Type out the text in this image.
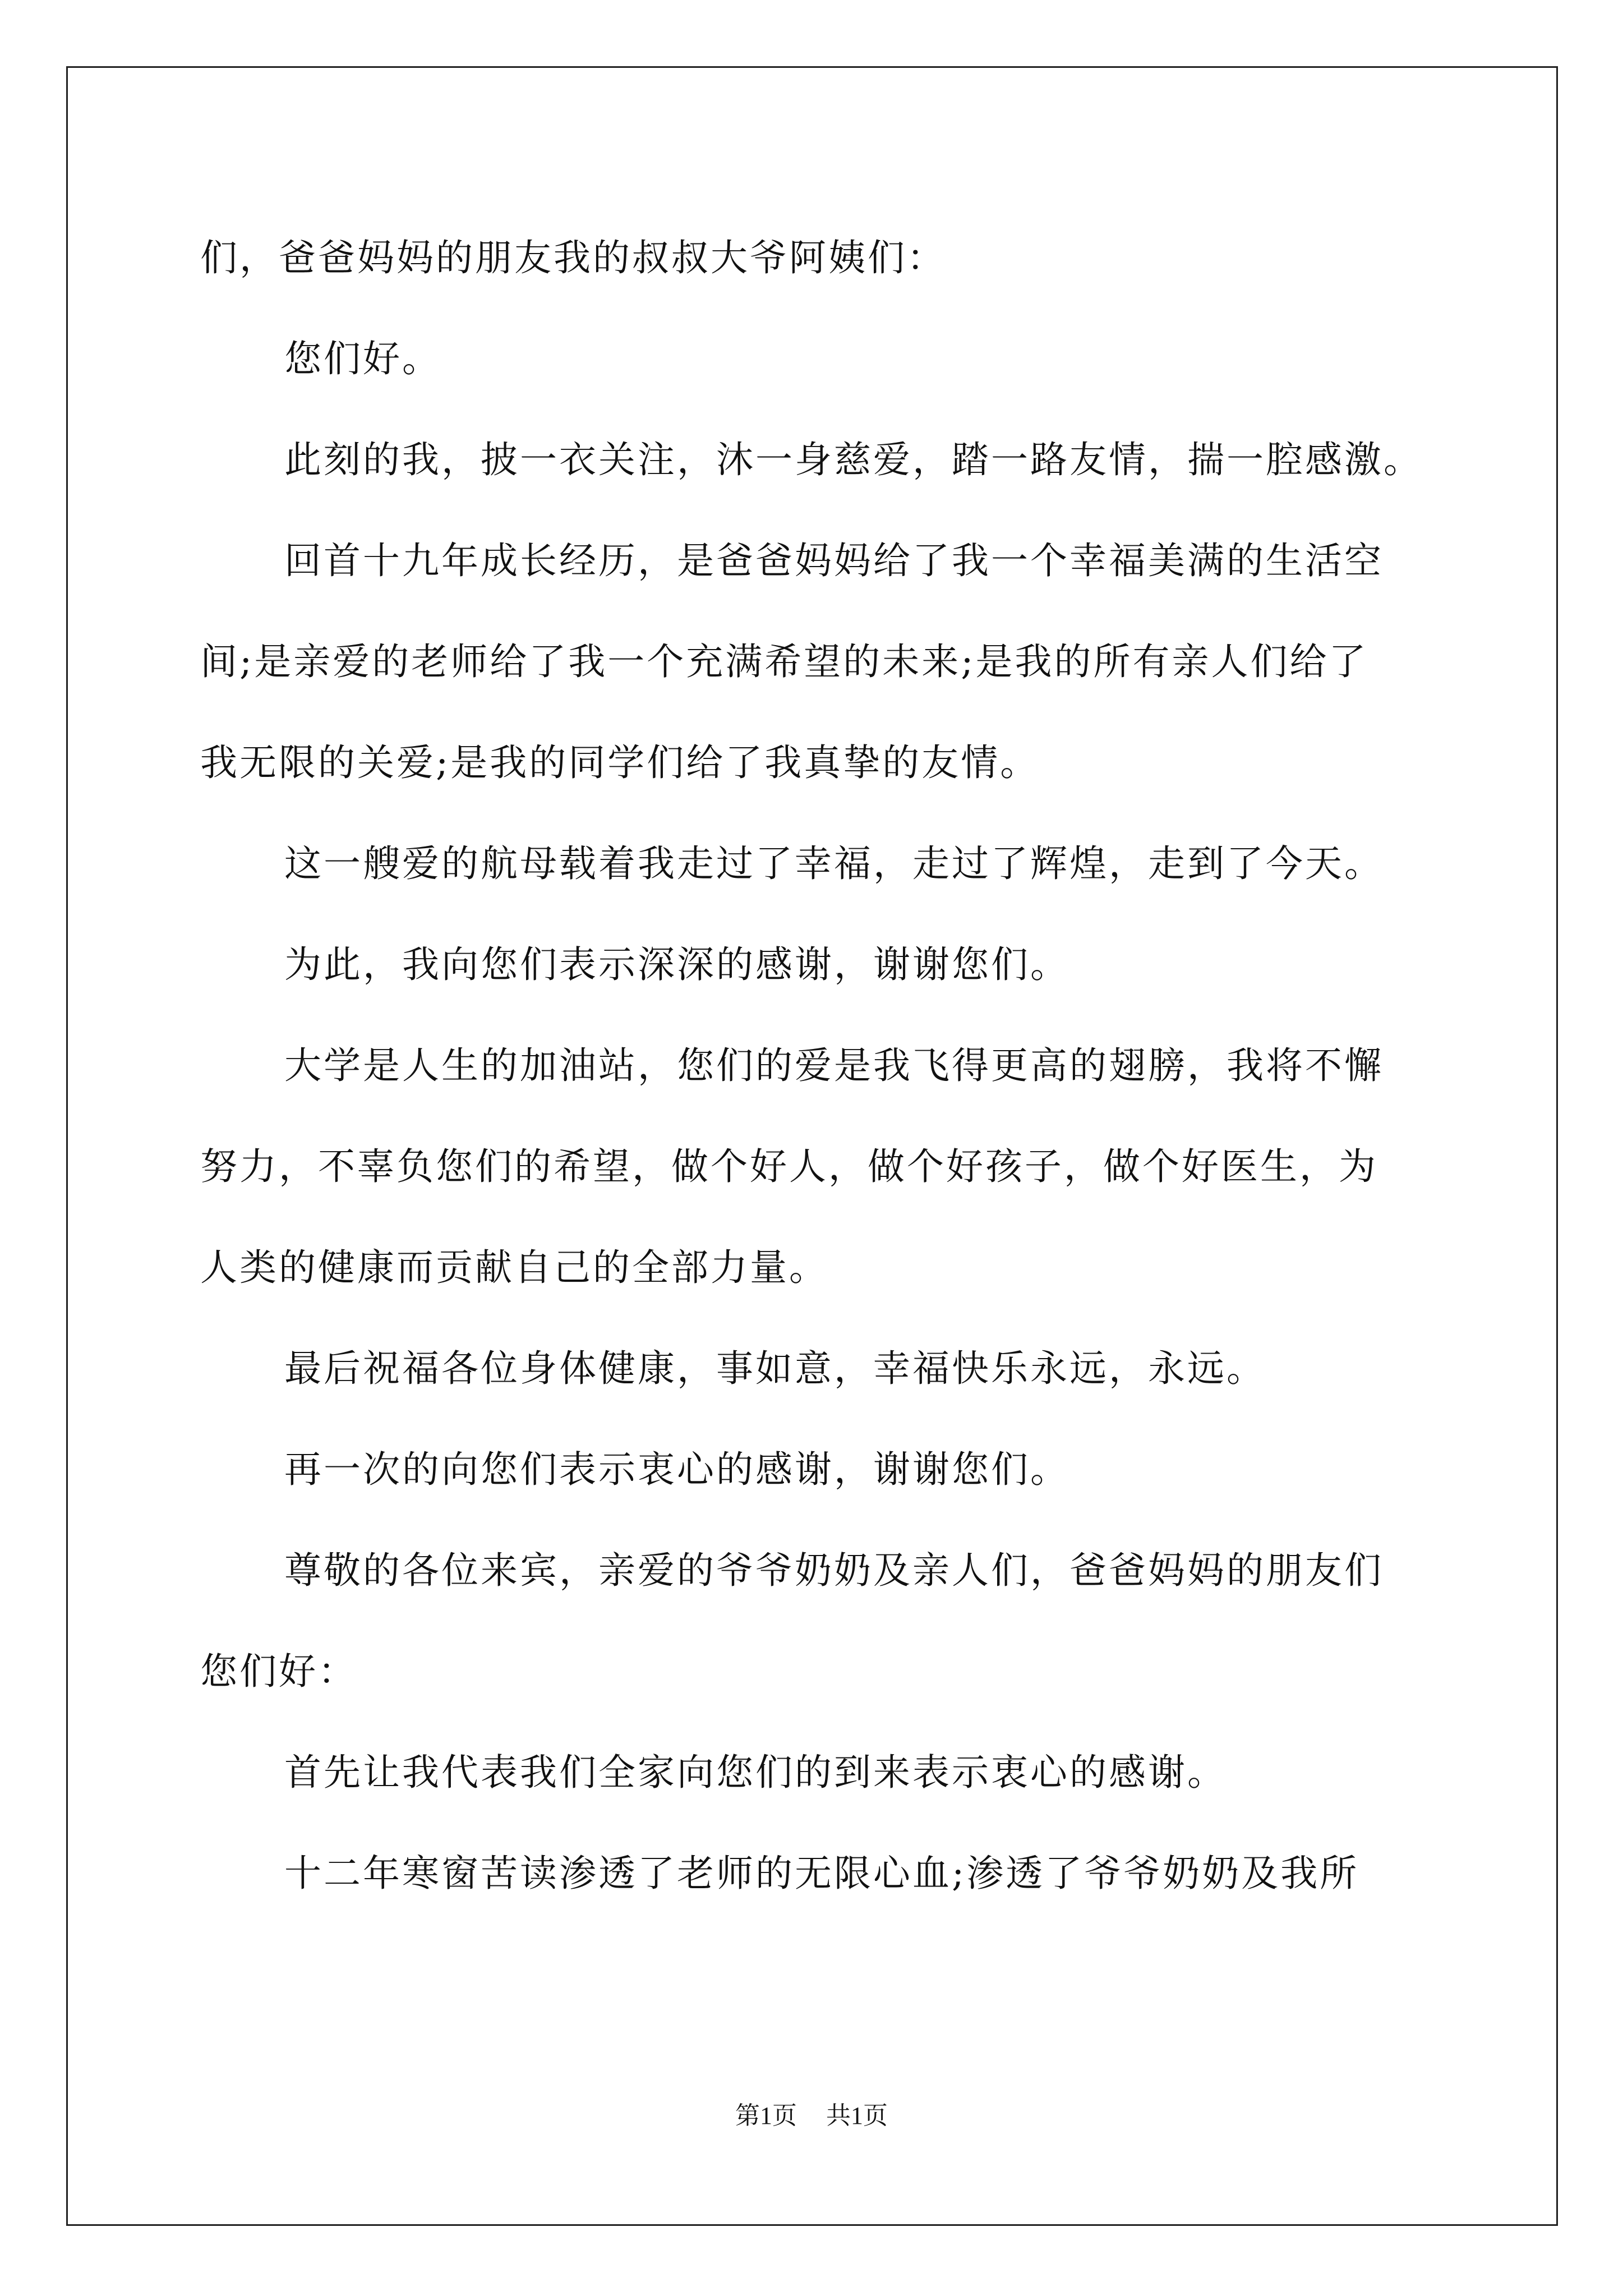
们，爸爸妈妈的朋友我的叔叔大爷阿姨们：

您们好。

此刻的我，披一衣关注，沐一身慈爱，踏一路友情，揣一腔感激。

回首十九年成长经历，是爸爸妈妈给了我一个幸福美满的生活空

间;是亲爱的老师给了我一个充满希望的未来;是我的所有亲人们给了

我无限的关爱;是我的同学们给了我真挚的友情。

这一艘爱的航母载着我走过了幸福，走过了辉煌，走到了今天。

为此，我向您们表示深深的感谢，谢谢您们。

大学是人生的加油站，您们的爱是我飞得更高的翅膀，我将不懈

努力，不辜负您们的希望，做个好人，做个好孩子，做个好医生，为

人类的健康而贡献自己的全部力量。

最后祝福各位身体健康，事如意，幸福快乐永远，永远。

再一次的向您们表示衷心的感谢，谢谢您们。

尊敬的各位来宾，亲爱的爷爷奶奶及亲人们，爸爸妈妈的朋友们

您们好：

首先让我代表我们全家向您们的到来表示衷心的感谢。

十二年寒窗苦读渗透了老师的无限心血;渗透了爷爷奶奶及我所

第1页 共1页
